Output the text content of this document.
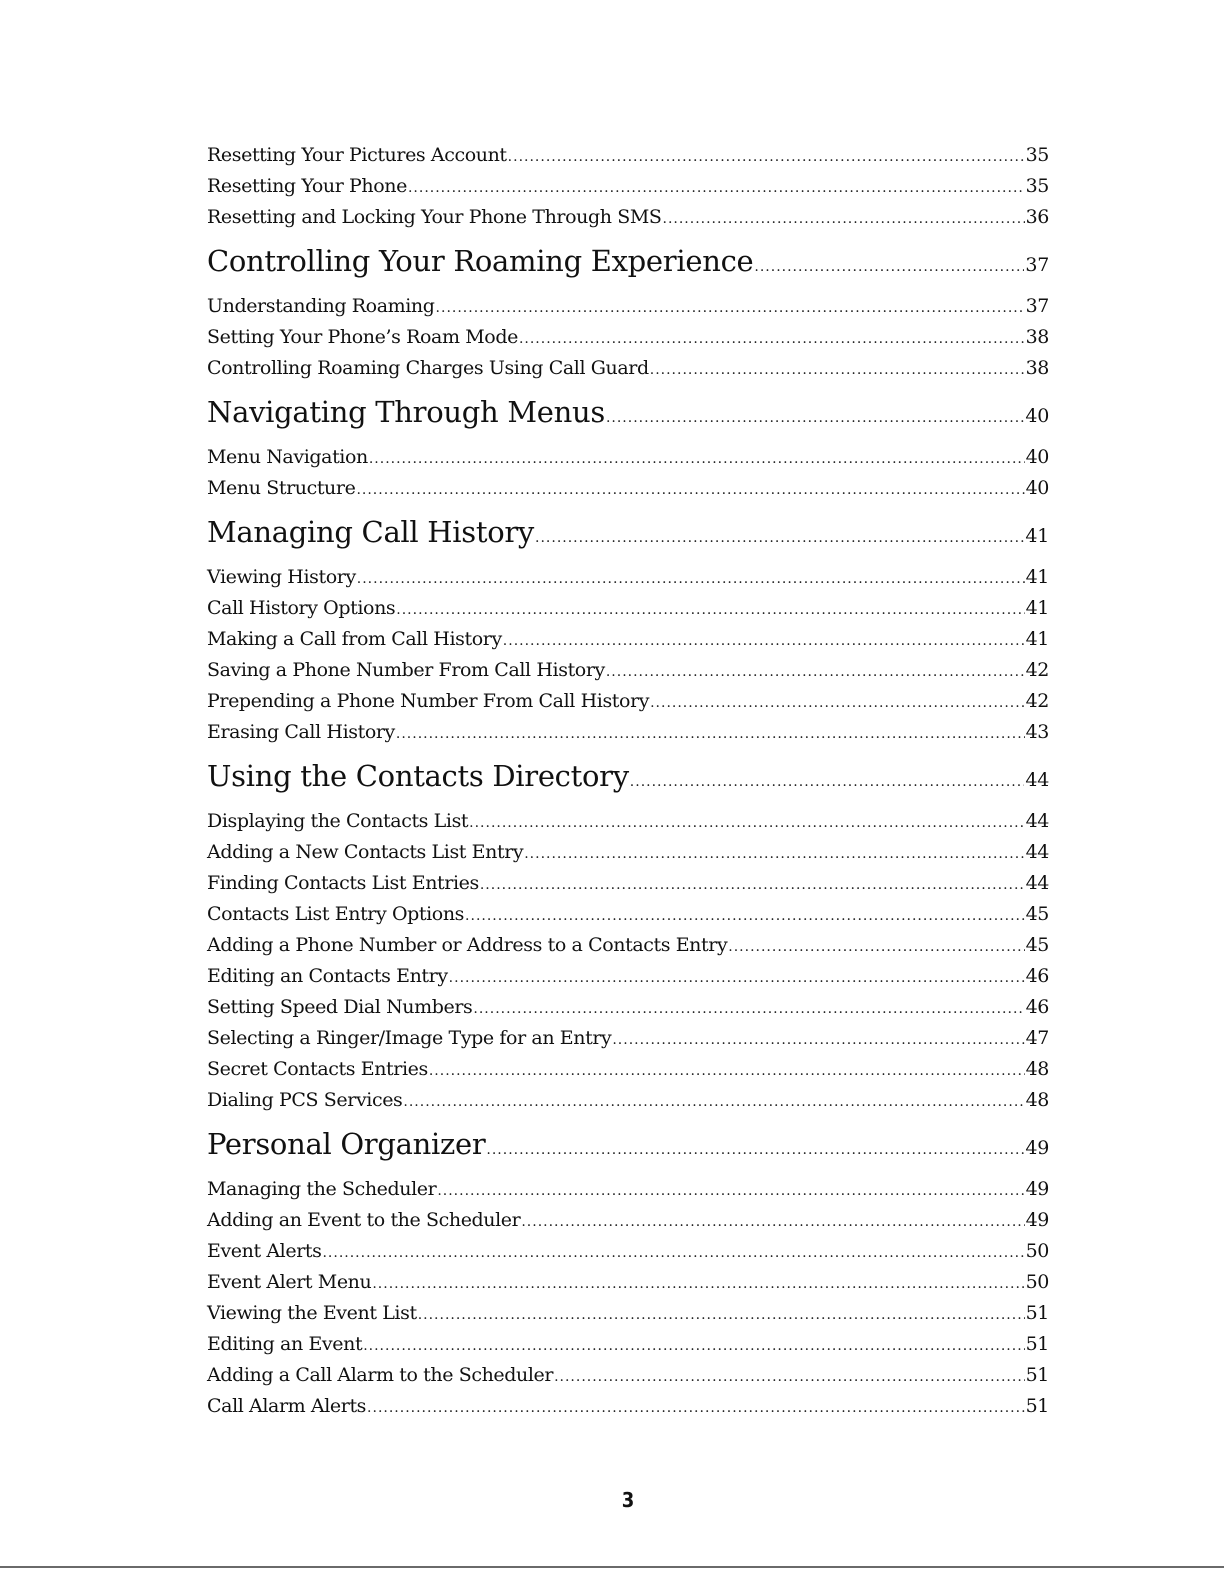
Resetting Your Pictures Account .....	35
Resetting Your Phone .....	35
Resetting and Locking Your Phone Through SMS .....	36
Controlling Your Roaming Experience .....	37
Understanding Roaming .....	37
Setting Your Phone’s Roam Mode .....	38
Controlling Roaming Charges Using Call Guard .....	38
Navigating Through Menus .....	40
Menu Navigation .....	40
Menu Structure .....	40
Managing Call History .....	41
Viewing History .....	41
Call History Options .....	41
Making a Call from Call History .....	41
Saving a Phone Number From Call History .....	42
Prepending a Phone Number From Call History .....	42
Erasing Call History .....	43
Using the Contacts Directory .....	44
Displaying the Contacts List .....	44
Adding a New Contacts List Entry .....	44
Finding Contacts List Entries .....	44
Contacts List Entry Options .....	45
Adding a Phone Number or Address to a Contacts Entry .....	45
Editing an Contacts Entry .....	46
Setting Speed Dial Numbers .....	46
Selecting a Ringer/Image Type for an Entry .....	47
Secret Contacts Entries .....	48
Dialing PCS Services .....	48
Personal Organizer .....	49
Managing the Scheduler .....	49
Adding an Event to the Scheduler .....	49
Event Alerts .....	50
Event Alert Menu .....	50
Viewing the Event List .....	51
Editing an Event .....	51
Adding a Call Alarm to the Scheduler .....	51
Call Alarm Alerts .....	51
3
